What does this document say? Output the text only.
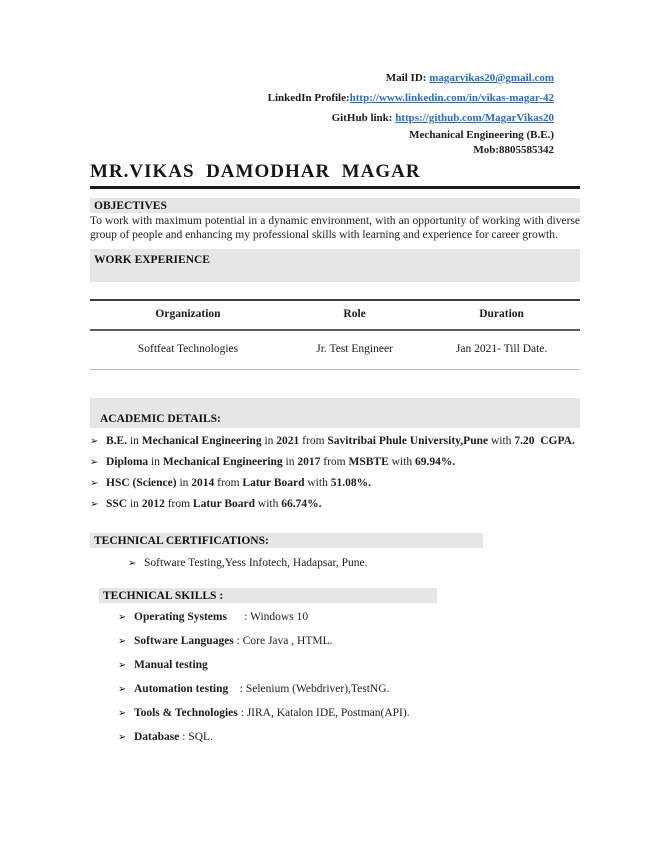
Mail ID: magarvikas20@gmail.com
LinkedIn Profile:http://www.linkedin.com/in/vikas-magar-42
GitHub link: https://github.com/MagarVikas20
Mechanical Engineering (B.E.)
Mob:8805585342
MR.VIKAS  DAMODHAR  MAGAR
OBJECTIVES
To work with maximum potential in a dynamic environment, with an opportunity of working with diverse group of people and enhancing my professional skills with learning and experience for career growth.
WORK EXPERIENCE
Organization	Role	Duration
Softfeat Technologies	Jr. Test Engineer	Jan 2021- Till Date.
ACADEMIC DETAILS:
➢ B.E. in Mechanical Engineering in 2021 from Savitribai Phule University,Pune with 7.20  CGPA.
➢ Diploma in Mechanical Engineering in 2017 from MSBTE with 69.94%.
➢ HSC (Science) in 2014 from Latur Board with 51.08%.
➢ SSC in 2012 from Latur Board with 66.74%.
TECHNICAL CERTIFICATIONS:
➢ Software Testing,Yess Infotech, Hadapsar, Pune.
TECHNICAL SKILLS :
➢ Operating Systems      : Windows 10
➢ Software Languages : Core Java , HTML.
➢ Manual testing
➢ Automation testing    : Selenium (Webdriver),TestNG.
➢ Tools & Technologies : JIRA, Katalon IDE, Postman(API).
➢ Database : SQL.
